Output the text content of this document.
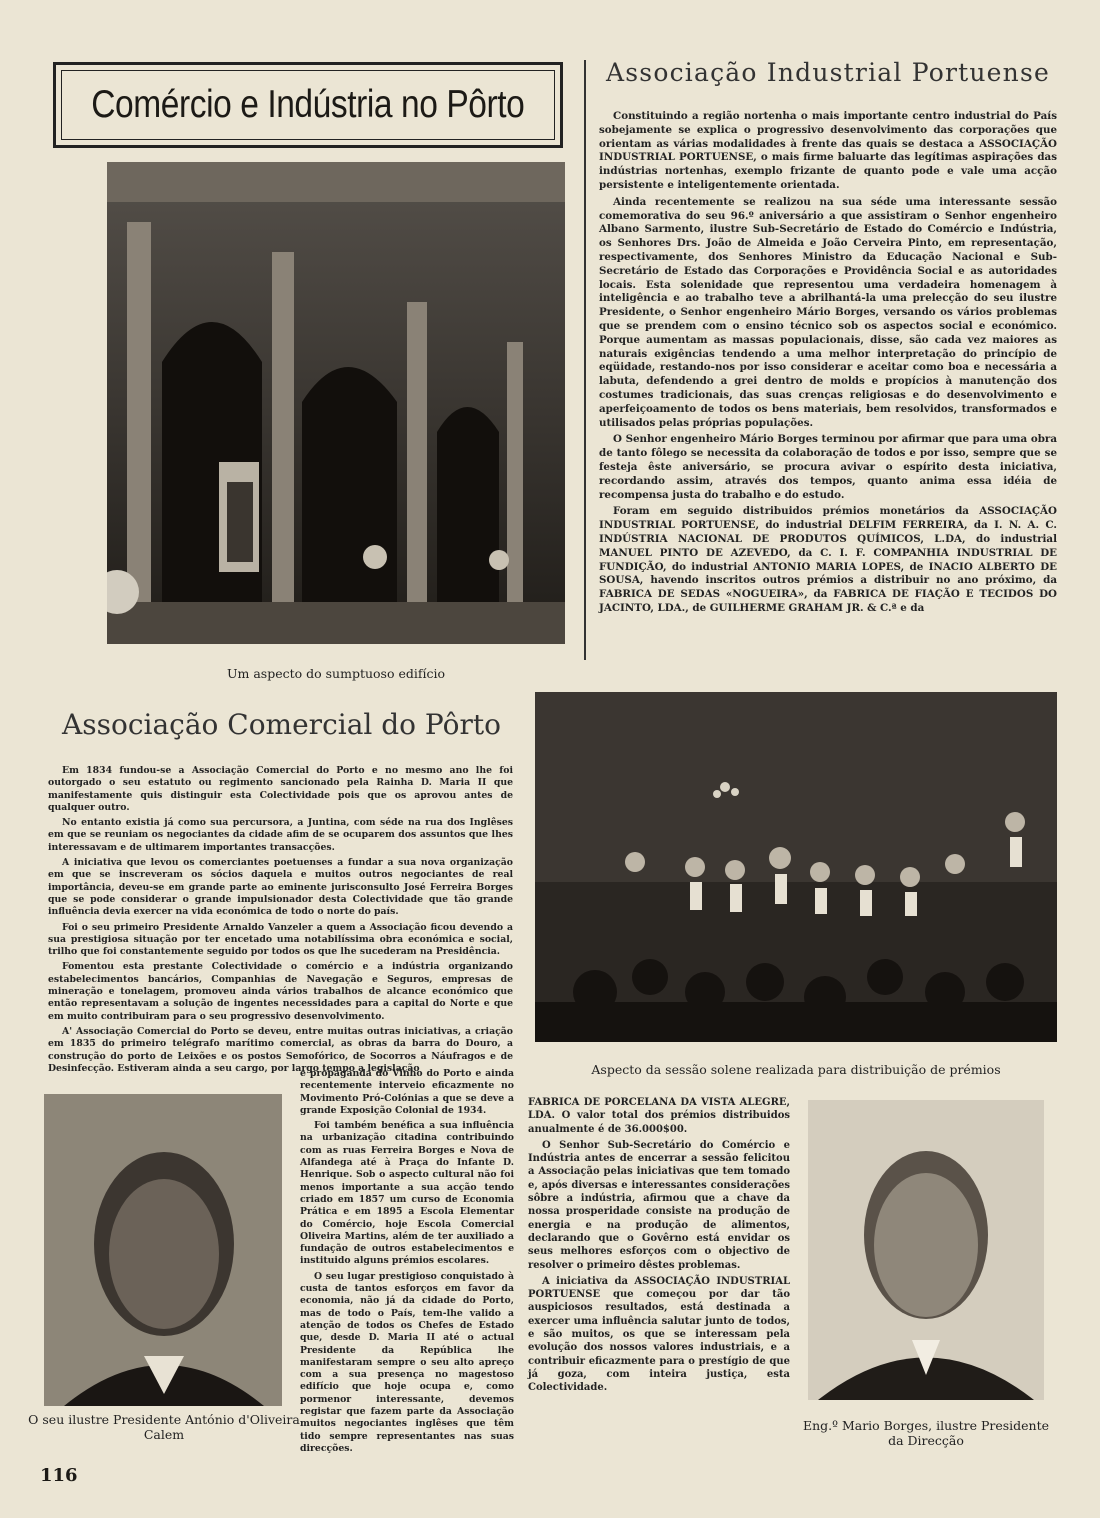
Comércio e Indústria no Pôrto
Um aspecto do sumptuoso edifício
Associação Industrial Portuense

Constituindo a região nortenha o mais importante centro industrial do País sobejamente se explica o progressivo desenvolvimento das corporações que orientam as várias modalidades à frente das quais se destaca a ASSOCIAÇÃO INDUSTRIAL PORTUENSE, o mais firme baluarte das legítimas aspirações das indústrias nortenhas, exemplo frizante de quanto pode e vale uma acção persistente e inteligentemente orientada.

Ainda recentemente se realizou na sua séde uma interessante sessão comemorativa do seu 96.º aniversário a que assistiram o Senhor engenheiro Albano Sarmento, ilustre Sub-Secretário de Estado do Comércio e Indústria, os Senhores Drs. João de Almeida e João Cerveira Pinto, em representação, respectivamente, dos Senhores Ministro da Educação Nacional e Sub-Secretário de Estado das Corporações e Providência Social e as autoridades locais. Esta solenidade que representou uma verdadeira homenagem à inteligência e ao trabalho teve a abrilhantá-la uma prelecção do seu ilustre Presidente, o Senhor engenheiro Mário Borges, versando os vários problemas que se prendem com o ensino técnico sob os aspectos social e económico. Porque aumentam as massas populacionais, disse, são cada vez maiores as naturais exigências tendendo a uma melhor interpretação do princípio de eqüidade, restando-nos por isso considerar e aceitar como boa e necessária a labuta, defendendo a grei dentro de molds e propícios à manutenção dos costumes tradicionais, das suas crenças religiosas e do desenvolvimento e aperfeiçoamento de todos os bens materiais, bem resolvidos, transformados e utilisados pelas próprias populações.

O Senhor engenheiro Mário Borges terminou por afirmar que para uma obra de tanto fôlego se necessita da colaboração de todos e por isso, sempre que se festeja êste aniversário, se procura avivar o espírito desta iniciativa, recordando assim, através dos tempos, quanto anima essa idéia de recompensa justa do trabalho e do estudo.

Foram em seguido distribuidos prémios monetários da ASSOCIAÇÃO INDUSTRIAL PORTUENSE, do industrial DELFIM FERREIRA, da I. N. A. C. INDÚSTRIA NACIONAL DE PRODUTOS QUÍMICOS, L.DA, do industrial MANUEL PINTO DE AZEVEDO, da C. I. F. COMPANHIA INDUSTRIAL DE FUNDIÇÃO, do industrial ANTONIO MARIA LOPES, de INACIO ALBERTO DE SOUSA, havendo inscritos outros prémios a distribuir no ano próximo, da FABRICA DE SEDAS «NOGUEIRA», da FABRICA DE FIAÇÃO E TECIDOS DO JACINTO, LDA., de GUILHERME GRAHAM JR. & C.ª e da

Aspecto da sessão solene realizada para distribuição de prémios
Associação Comercial do Pôrto

Em 1834 fundou-se a Associação Comercial do Porto e no mesmo ano lhe foi outorgado o seu estatuto ou regimento sancionado pela Rainha D. Maria II que manifestamente quis distinguir esta Colectividade pois que os aprovou antes de qualquer outro.

No entanto existia já como sua percursora, a Juntina, com séde na rua dos Inglêses em que se reuniam os negociantes da cidade afim de se ocuparem dos assuntos que lhes interessavam e de ultimarem importantes transacções.

A iniciativa que levou os comerciantes poetuenses a fundar a sua nova organização em que se inscreveram os sócios daquela e muitos outros negociantes de real importância, deveu-se em grande parte ao eminente jurisconsulto José Ferreira Borges que se pode considerar o grande impulsionador desta Colectividade que tão grande influência devia exercer na vida económica de todo o norte do país.

Foi o seu primeiro Presidente Arnaldo Vanzeler a quem a Associação ficou devendo a sua prestigiosa situação por ter encetado uma notabilíssima obra económica e social, trilho que foi constantemente seguido por todos os que lhe sucederam na Presidência.

Fomentou esta prestante Colectividade o comércio e a indústria organizando estabelecimentos bancários, Companhias de Navegação e Seguros, empresas de mineração e tonelagem, promoveu ainda vários trabalhos de alcance económico que então representavam a solução de ingentes necessidades para a capital do Norte e que em muito contribuiram para o seu progressivo desenvolvimento.

A' Associação Comercial do Porto se deveu, entre muitas outras iniciativas, a criação em 1835 do primeiro telégrafo marítimo comercial, as obras da barra do Douro, a construção do porto de Leixões e os postos Semofórico, de Socorros a Náufragos e de Desinfecção. Estiveram ainda a seu cargo, por largo tempo a legislação

O seu ilustre Presidente António d'Oliveira Calem

e propaganda do Vinho do Porto e ainda recentemente interveio eficazmente no Movimento Pró-Colónias a que se deve a grande Exposição Colonial de 1934.

Foi também benéfica a sua influência na urbanização citadina contribuindo com as ruas Ferreira Borges e Nova de Alfandega até à Praça do Infante D. Henrique. Sob o aspecto cultural não foi menos importante a sua acção tendo criado em 1857 um curso de Economia Prática e em 1895 a Escola Elementar do Comércio, hoje Escola Comercial Oliveira Martins, além de ter auxiliado a fundação de outros estabelecimentos e instituido alguns prémios escolares.

O seu lugar prestigioso conquistado à custa de tantos esforços em favor da economia, não já da cidade do Porto, mas de todo o País, tem-lhe valido a atenção de todos os Chefes de Estado que, desde D. Maria II até o actual Presidente da República lhe manifestaram sempre o seu alto apreço com a sua presença no magestoso edifício que hoje ocupa e, como pormenor interessante, devemos registar que fazem parte da Associação muitos negociantes inglêses que têm tido sempre representantes nas suas direcções.

FABRICA DE PORCELANA DA VISTA ALEGRE, LDA. O valor total dos prémios distribuidos anualmente é de 36.000$00.

O Senhor Sub-Secretário do Comércio e Indústria antes de encerrar a sessão felicitou a Associação pelas iniciativas que tem tomado e, após diversas e interessantes considerações sôbre a indústria, afirmou que a chave da nossa prosperidade consiste na produção de energia e na produção de alimentos, declarando que o Govêrno está envidar os seus melhores esforços com o objectivo de resolver o primeiro dêstes problemas.

A iniciativa da ASSOCIAÇÃO INDUSTRIAL PORTUENSE que começou por dar tão auspiciosos resultados, está destinada a exercer uma influência salutar junto de todos, e são muitos, os que se interessam pela evolução dos nossos valores industriais, e a contribuir eficazmente para o prestígio de que já goza, com inteira justiça, esta Colectividade.

Eng.º Mario Borges, ilustre Presidente da Direcção
116
